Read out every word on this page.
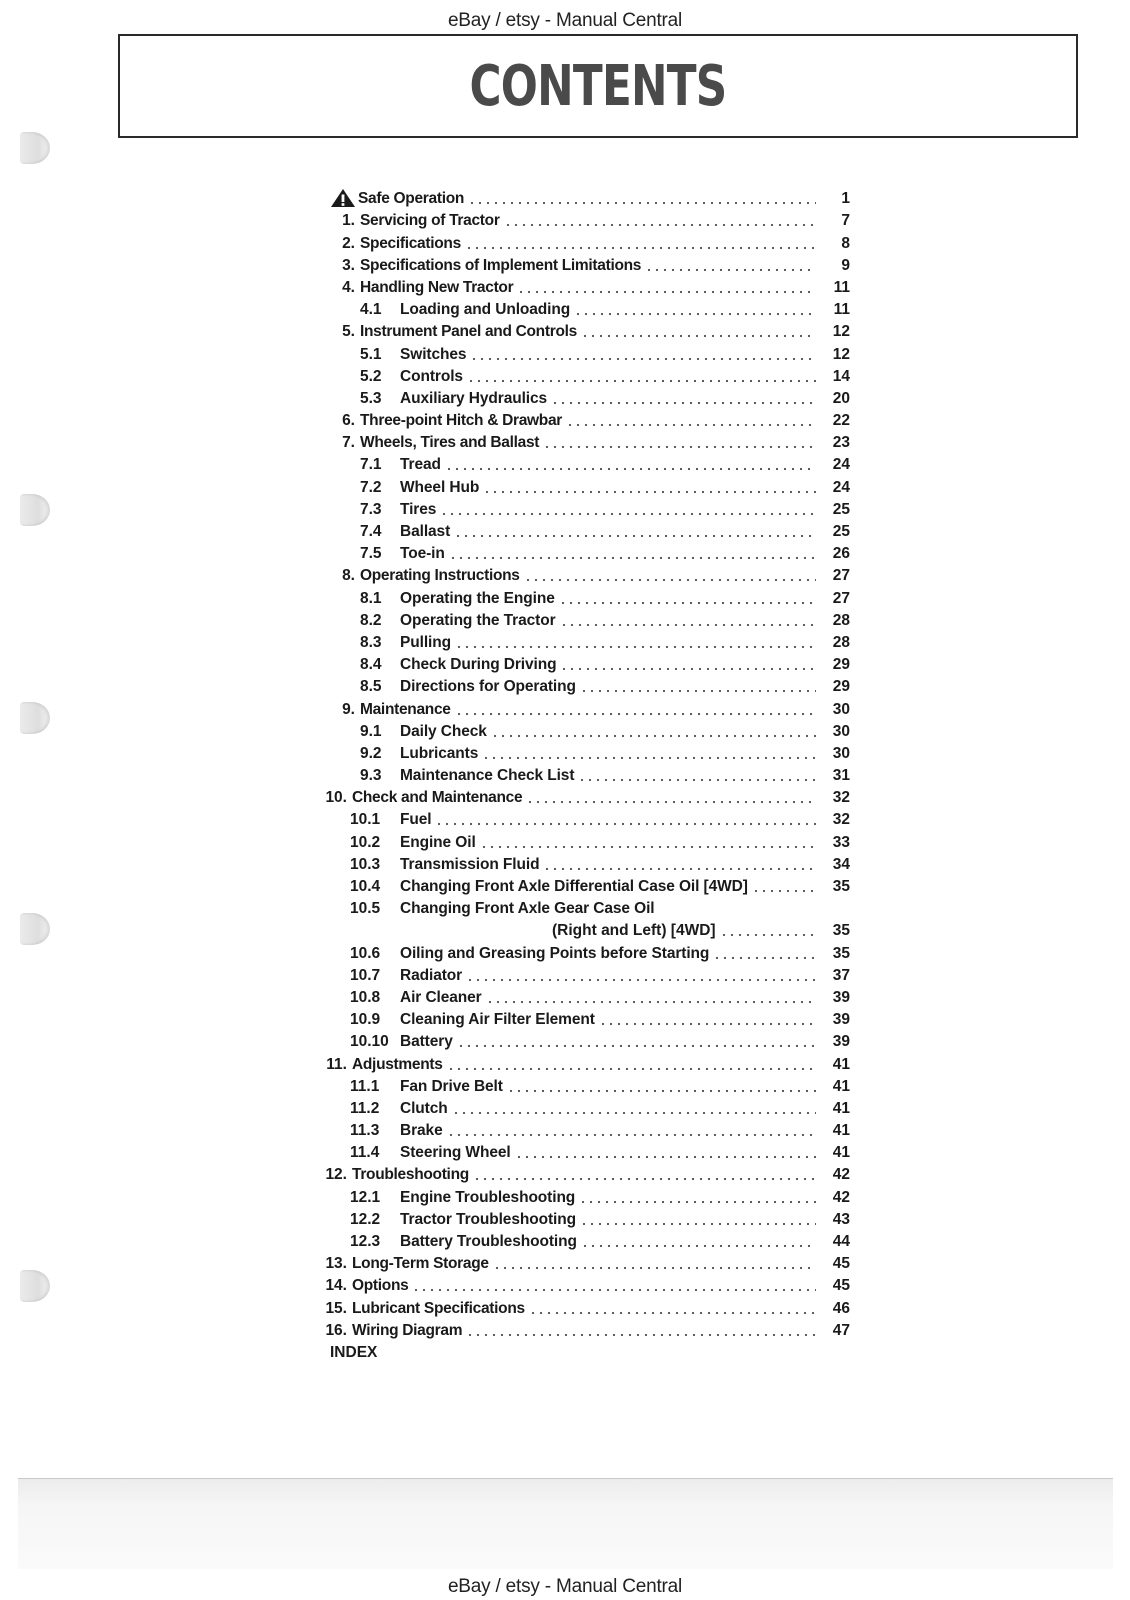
eBay / etsy - Manual Central
CONTENTS
Safe Operation	1
1. Servicing of Tractor	7
2. Specifications	8
3. Specifications of Implement Limitations	9
4. Handling New Tractor	11
4.1	Loading and Unloading	11
5. Instrument Panel and Controls	12
5.1	Switches	12
5.2	Controls	14
5.3	Auxiliary Hydraulics	20
6. Three-point Hitch & Drawbar	22
7. Wheels, Tires and Ballast	23
7.1	Tread	24
7.2	Wheel Hub	24
7.3	Tires	25
7.4	Ballast	25
7.5	Toe-in	26
8. Operating Instructions	27
8.1	Operating the Engine	27
8.2	Operating the Tractor	28
8.3	Pulling	28
8.4	Check During Driving	29
8.5	Directions for Operating	29
9. Maintenance	30
9.1	Daily Check	30
9.2	Lubricants	30
9.3	Maintenance Check List	31
10. Check and Maintenance	32
10.1	Fuel	32
10.2	Engine Oil	33
10.3	Transmission Fluid	34
10.4	Changing Front Axle Differential Case Oil [4WD]	35
10.5	Changing Front Axle Gear Case Oil
(Right and Left) [4WD]	35
10.6	Oiling and Greasing Points before Starting	35
10.7	Radiator	37
10.8	Air Cleaner	39
10.9	Cleaning Air Filter Element	39
10.10 Battery	39
11. Adjustments	41
11.1	Fan Drive Belt	41
11.2	Clutch	41
11.3	Brake	41
11.4	Steering Wheel	41
12. Troubleshooting	42
12.1	Engine Troubleshooting	42
12.2	Tractor Troubleshooting	43
12.3	Battery Troubleshooting	44
13. Long-Term Storage	45
14. Options	45
15. Lubricant Specifications	46
16. Wiring Diagram	47
INDEX
eBay / etsy - Manual Central
